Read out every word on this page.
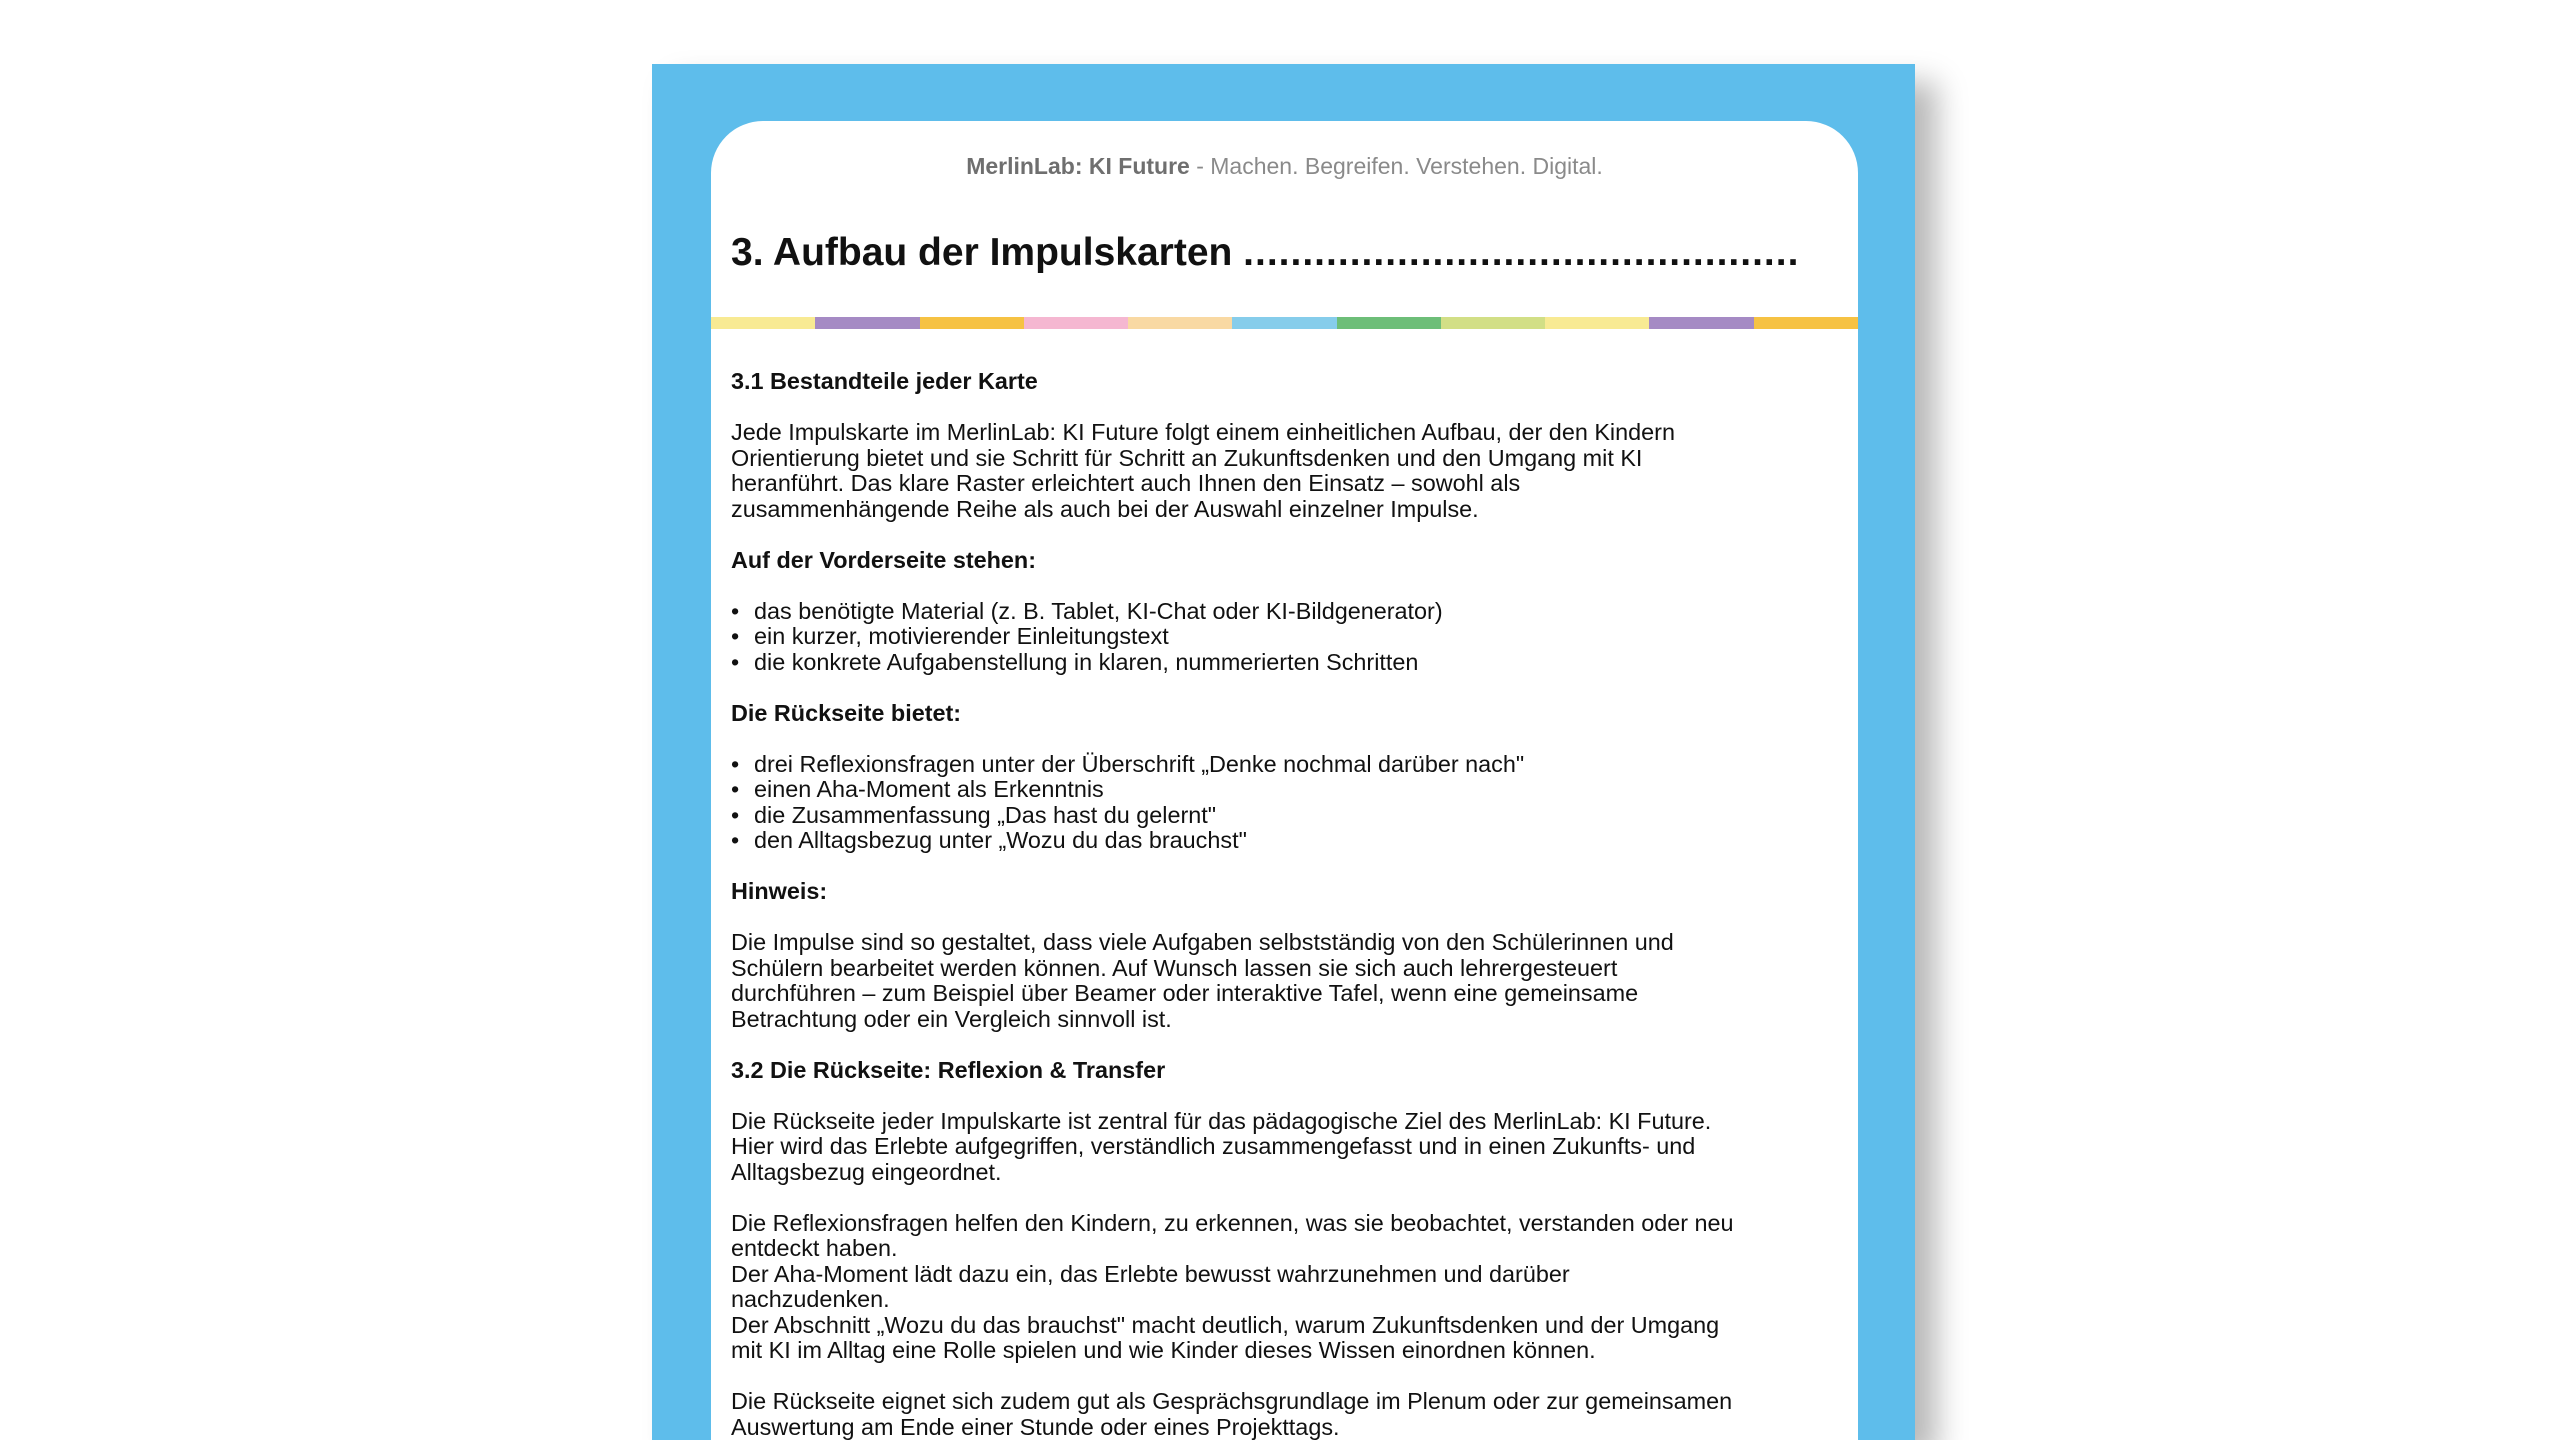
MerlinLab: KI Future - Machen. Begreifen. Verstehen. Digital.
3. Aufbau der Impulskarten ...............................................

3.1 Bestandteile jeder Karte

Jede Impulskarte im MerlinLab: KI Future folgt einem einheitlichen Aufbau, der den Kindern
Orientierung bietet und sie Schritt für Schritt an Zukunftsdenken und den Umgang mit KI
heranführt. Das klare Raster erleichtert auch Ihnen den Einsatz – sowohl als
zusammenhängende Reihe als auch bei der Auswahl einzelner Impulse.

Auf der Vorderseite stehen:

• das benötigte Material (z. B. Tablet, KI-Chat oder KI-Bildgenerator)
• ein kurzer, motivierender Einleitungstext
• die konkrete Aufgabenstellung in klaren, nummerierten Schritten

Die Rückseite bietet:

• drei Reflexionsfragen unter der Überschrift „Denke nochmal darüber nach"
• einen Aha-Moment als Erkenntnis
• die Zusammenfassung „Das hast du gelernt"
• den Alltagsbezug unter „Wozu du das brauchst"

Hinweis:

Die Impulse sind so gestaltet, dass viele Aufgaben selbstständig von den Schülerinnen und
Schülern bearbeitet werden können. Auf Wunsch lassen sie sich auch lehrergesteuert
durchführen – zum Beispiel über Beamer oder interaktive Tafel, wenn eine gemeinsame
Betrachtung oder ein Vergleich sinnvoll ist.

3.2 Die Rückseite: Reflexion & Transfer

Die Rückseite jeder Impulskarte ist zentral für das pädagogische Ziel des MerlinLab: KI Future.
Hier wird das Erlebte aufgegriffen, verständlich zusammengefasst und in einen Zukunfts- und
Alltagsbezug eingeordnet.

Die Reflexionsfragen helfen den Kindern, zu erkennen, was sie beobachtet, verstanden oder neu
entdeckt haben.
Der Aha-Moment lädt dazu ein, das Erlebte bewusst wahrzunehmen und darüber
nachzudenken.
Der Abschnitt „Wozu du das brauchst" macht deutlich, warum Zukunftsdenken und der Umgang
mit KI im Alltag eine Rolle spielen und wie Kinder dieses Wissen einordnen können.

Die Rückseite eignet sich zudem gut als Gesprächsgrundlage im Plenum oder zur gemeinsamen
Auswertung am Ende einer Stunde oder eines Projekttags.
